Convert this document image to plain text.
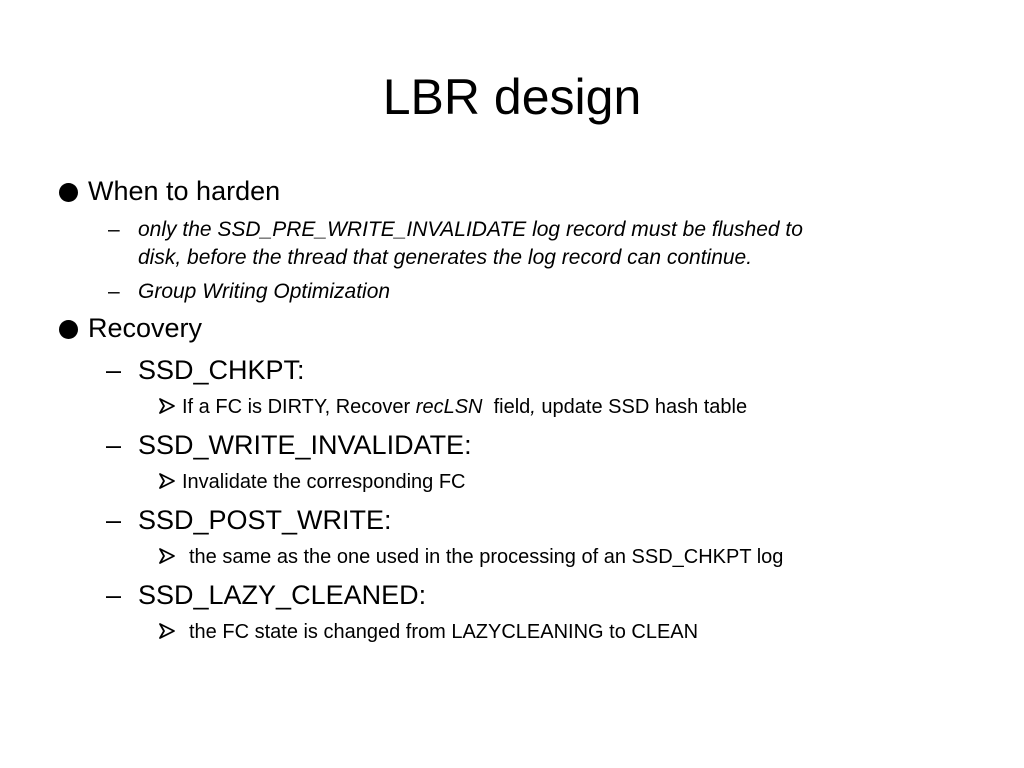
LBR design
When to harden
– only the SSD_PRE_WRITE_INVALIDATE log record must be flushed to
disk, before the thread that generates the log record can continue.
– Group Writing Optimization
Recovery
– SSD_CHKPT:
If a FC is DIRTY, Recover recLSN  field, update SSD hash table
– SSD_WRITE_INVALIDATE:
Invalidate the corresponding FC
– SSD_POST_WRITE:
the same as the one used in the processing of an SSD_CHKPT log
– SSD_LAZY_CLEANED:
the FC state is changed from LAZYCLEANING to CLEAN
